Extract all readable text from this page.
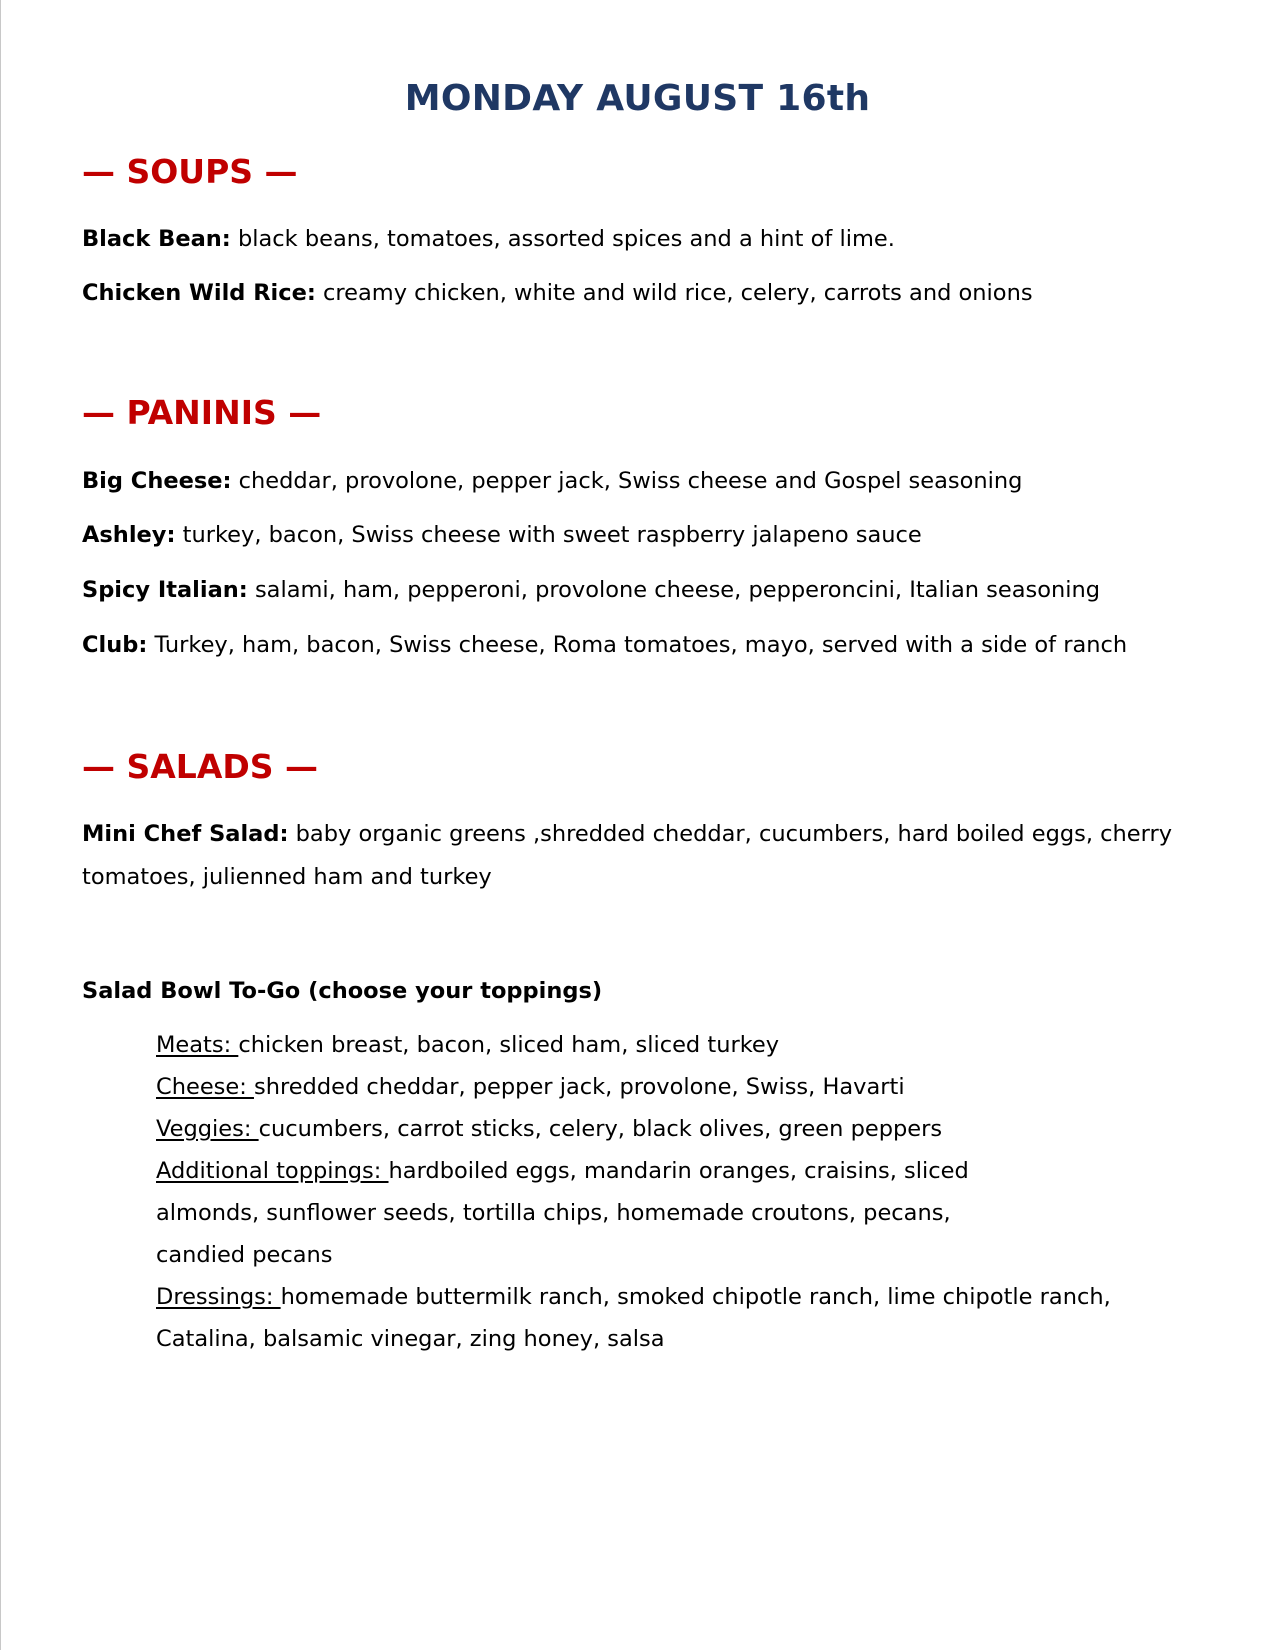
MONDAY AUGUST 16th
— SOUPS —

Black Bean: black beans, tomatoes, assorted spices and a hint of lime.

Chicken Wild Rice: creamy chicken, white and wild rice, celery, carrots and onions

— PANINIS —

Big Cheese: cheddar, provolone, pepper jack, Swiss cheese and Gospel seasoning

Ashley: turkey, bacon, Swiss cheese with sweet raspberry jalapeno sauce

Spicy Italian: salami, ham, pepperoni, provolone cheese, pepperoncini, Italian seasoning

Club: Turkey, ham, bacon, Swiss cheese, Roma tomatoes, mayo, served with a side of ranch

— SALADS —

Mini Chef Salad: baby organic greens ,shredded cheddar, cucumbers, hard boiled eggs, cherry

tomatoes, julienned ham and turkey

Salad Bowl To-Go (choose your toppings)

Meats: chicken breast, bacon, sliced ham, sliced turkey

Cheese: shredded cheddar, pepper jack, provolone, Swiss, Havarti

Veggies: cucumbers, carrot sticks, celery, black olives, green peppers

Additional toppings: hardboiled eggs, mandarin oranges, craisins, sliced

almonds, sunflower seeds, tortilla chips, homemade croutons, pecans,

candied pecans

Dressings: homemade buttermilk ranch, smoked chipotle ranch, lime chipotle ranch,

Catalina, balsamic vinegar, zing honey, salsa
